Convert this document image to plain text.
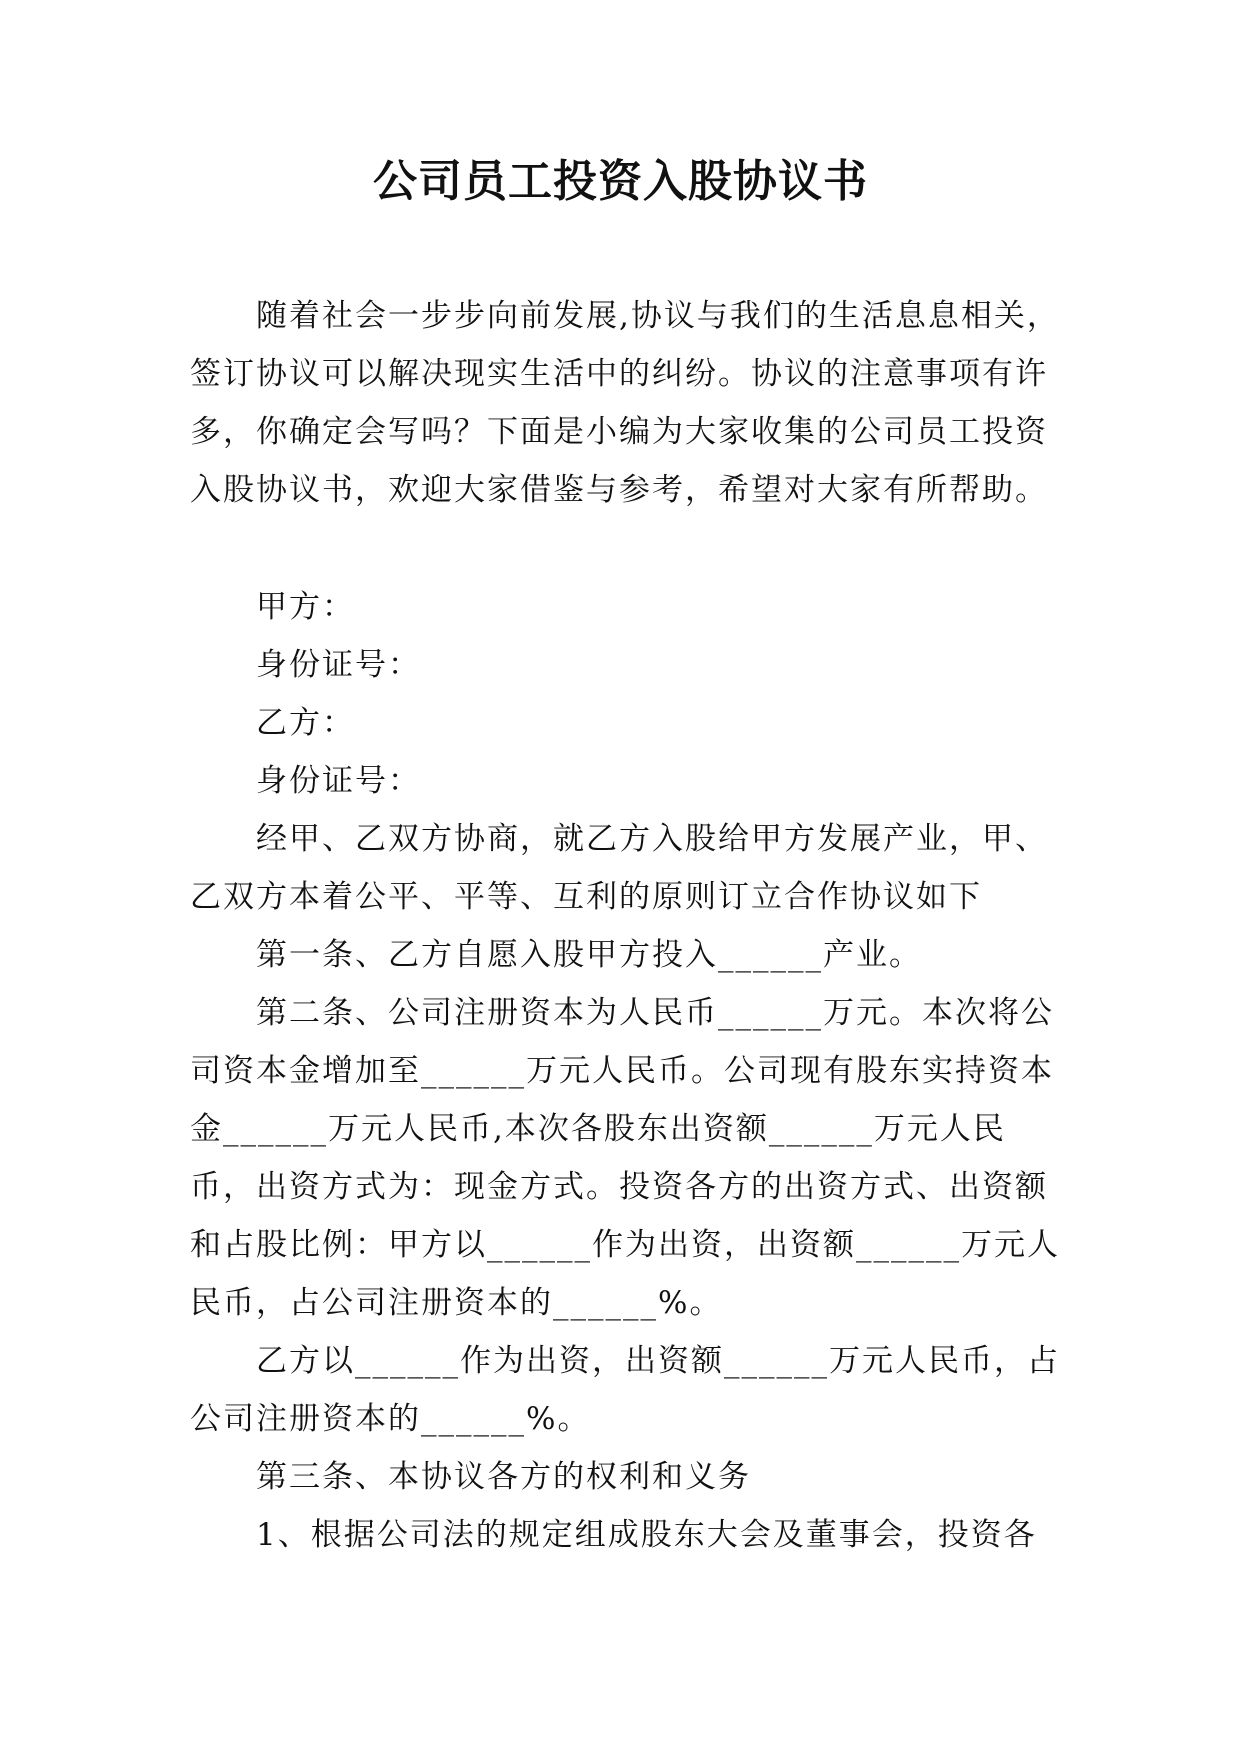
公司员工投资入股协议书

随着社会一步步向前发展,协议与我们的生活息息相关，签订协议可以解决现实生活中的纠纷。协议的注意事项有许多，你确定会写吗？下面是小编为大家收集的公司员工投资入股协议书，欢迎大家借鉴与参考，希望对大家有所帮助。

甲方：

身份证号：

乙方：

身份证号：

经甲、乙双方协商，就乙方入股给甲方发展产业，甲、乙双方本着公平、平等、互利的原则订立合作协议如下

第一条、乙方自愿入股甲方投入______产业。

第二条、公司注册资本为人民币______万元。本次将公司资本金增加至______万元人民币。公司现有股东实持资本金______万元人民币,本次各股东出资额______万元人民币，出资方式为：现金方式。投资各方的出资方式、出资额和占股比例：甲方以______作为出资，出资额______万元人民币，占公司注册资本的______%。

乙方以______作为出资，出资额______万元人民币，占公司注册资本的______%。

第三条、本协议各方的权利和义务

1、根据公司法的规定组成股东大会及董事会，投资各
